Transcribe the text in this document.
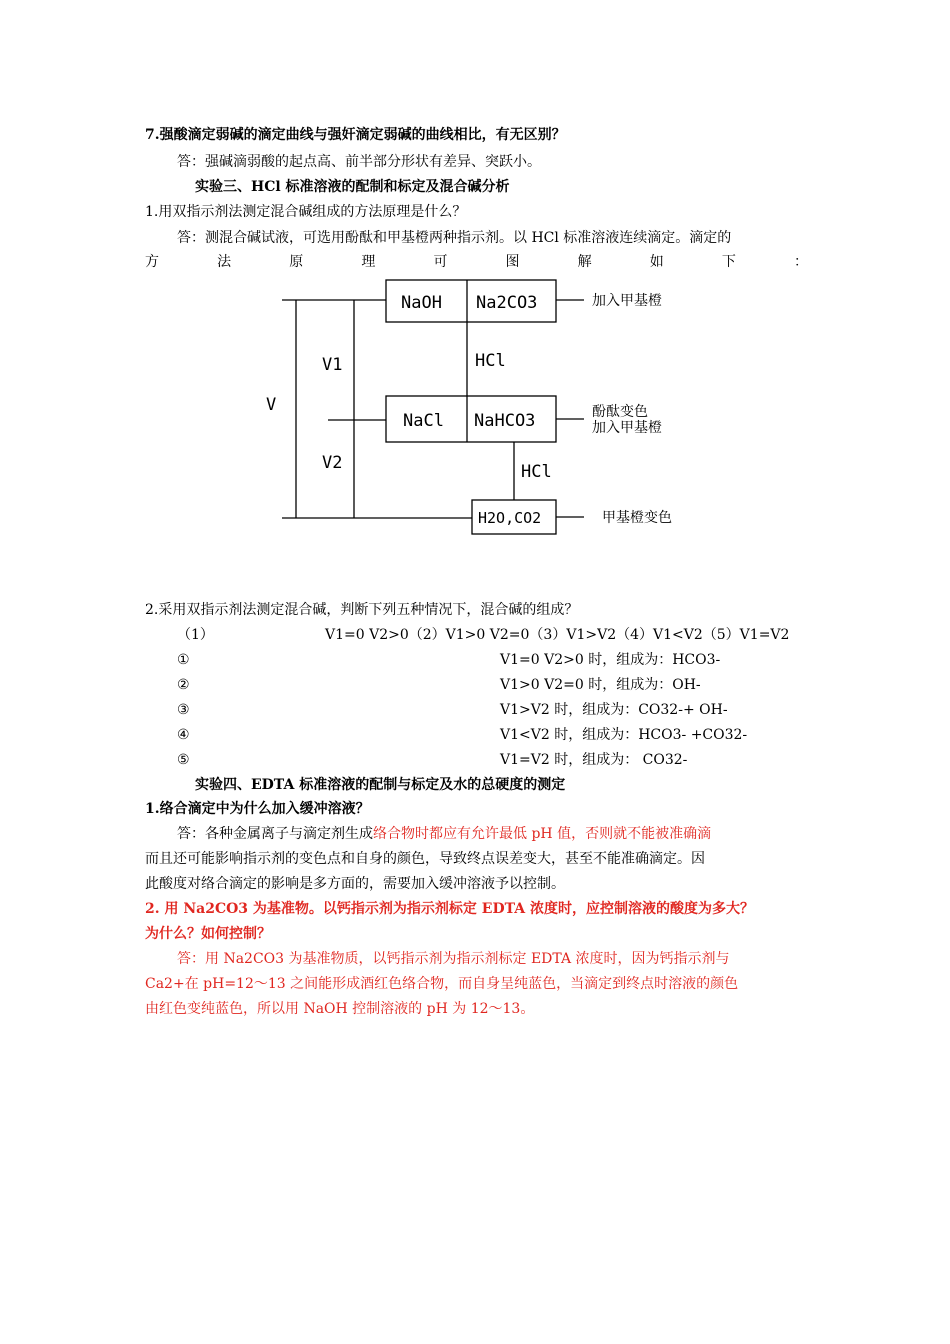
7.强酸滴定弱碱的滴定曲线与强奸滴定弱碱的曲线相比，有无区别？
答：强碱滴弱酸的起点高、前半部分形状有差异、突跃小。
实验三、HCl 标准溶液的配制和标定及混合碱分析
1.用双指示剂法测定混合碱组成的方法原理是什么？
答：测混合碱试液，可选用酚酞和甲基橙两种指示剂。以 HCl 标准溶液连续滴定。滴定的
方	法	原	理	可	图	解	如	下	：
V
V1
V2
NaOH Na2CO3
HCl
NaCl NaHCO3
HCl
H2O,CO2
加入甲基橙
酚酞变色
加入甲基橙
甲基橙变色
2.采用双指示剂法测定混合碱，判断下列五种情况下，混合碱的组成？
（1）	V1=0 V2>0（2）V1>0 V2=0（3）V1>V2（4）V1<V2（5）V1=V2
①	V1=0 V2>0 时，组成为：HCO3-
②	V1>0 V2=0 时，组成为：OH-
③	V1>V2 时，组成为：CO32-+ OH-
④	V1<V2 时，组成为：HCO3- +CO32-
⑤	V1=V2 时，组成为： CO32-
实验四、EDTA 标准溶液的配制与标定及水的总硬度的测定
1.络合滴定中为什么加入缓冲溶液？
答：各种金属离子与滴定剂生成络合物时都应有允许最低 pH 值，否则就不能被准确滴
而且还可能影响指示剂的变色点和自身的颜色，导致终点误差变大，甚至不能准确滴定。因
此酸度对络合滴定的影响是多方面的，需要加入缓冲溶液予以控制。
2. 用 Na2CO3 为基准物。以钙指示剂为指示剂标定 EDTA 浓度时，应控制溶液的酸度为多大？
为什么？如何控制？
答：用 Na2CO3 为基准物质，以钙指示剂为指示剂标定 EDTA 浓度时，因为钙指示剂与
Ca2+在 pH=12～13 之间能形成酒红色络合物，而自身呈纯蓝色，当滴定到终点时溶液的颜色
由红色变纯蓝色，所以用 NaOH 控制溶液的 pH 为 12～13。
